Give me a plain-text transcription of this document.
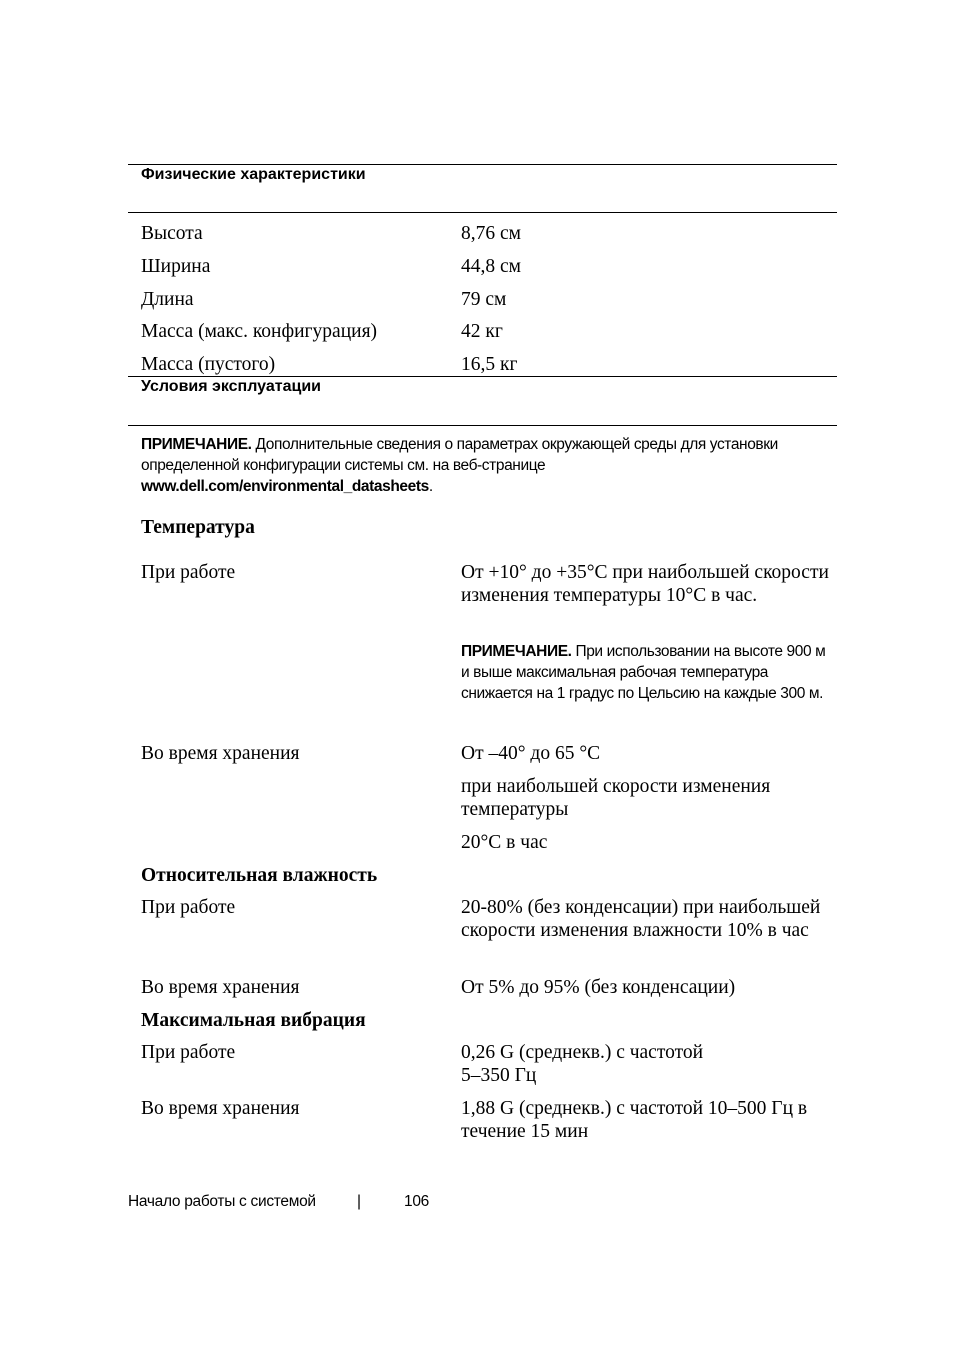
Физические характеристики
Высота	8,76 см
Ширина	44,8 см
Длина	79 см
Масса (макс. конфигурация)	42 кг
Масса (пустого)	16,5 кг
Условия эксплуатации
ПРИМЕЧАНИЕ. Дополнительные сведения о параметрах окружающей среды для установки определенной конфигурации системы см. на веб-странице www.dell.com/environmental_datasheets.
Температура
При работе	От +10° до +35°C при наибольшей скорости изменения температуры 10°C в час.
ПРИМЕЧАНИЕ. При использовании на высоте 900 м и выше максимальная рабочая температура снижается на 1 градус по Цельсию на каждые 300 м.
Во время хранения	От –40° до 65 °C
при наибольшей скорости изменения температуры
20°C в час
Относительная влажность
При работе	20-80% (без конденсации) при наибольшей скорости изменения влажности 10% в час
Во время хранения	От 5% до 95% (без конденсации)
Максимальная вибрация
При работе	0,26 G (среднекв.) с частотой
5–350 Гц
Во время хранения	1,88 G (среднекв.) с частотой 10–500 Гц в течение 15 мин
Начало работы с системой	|	106
